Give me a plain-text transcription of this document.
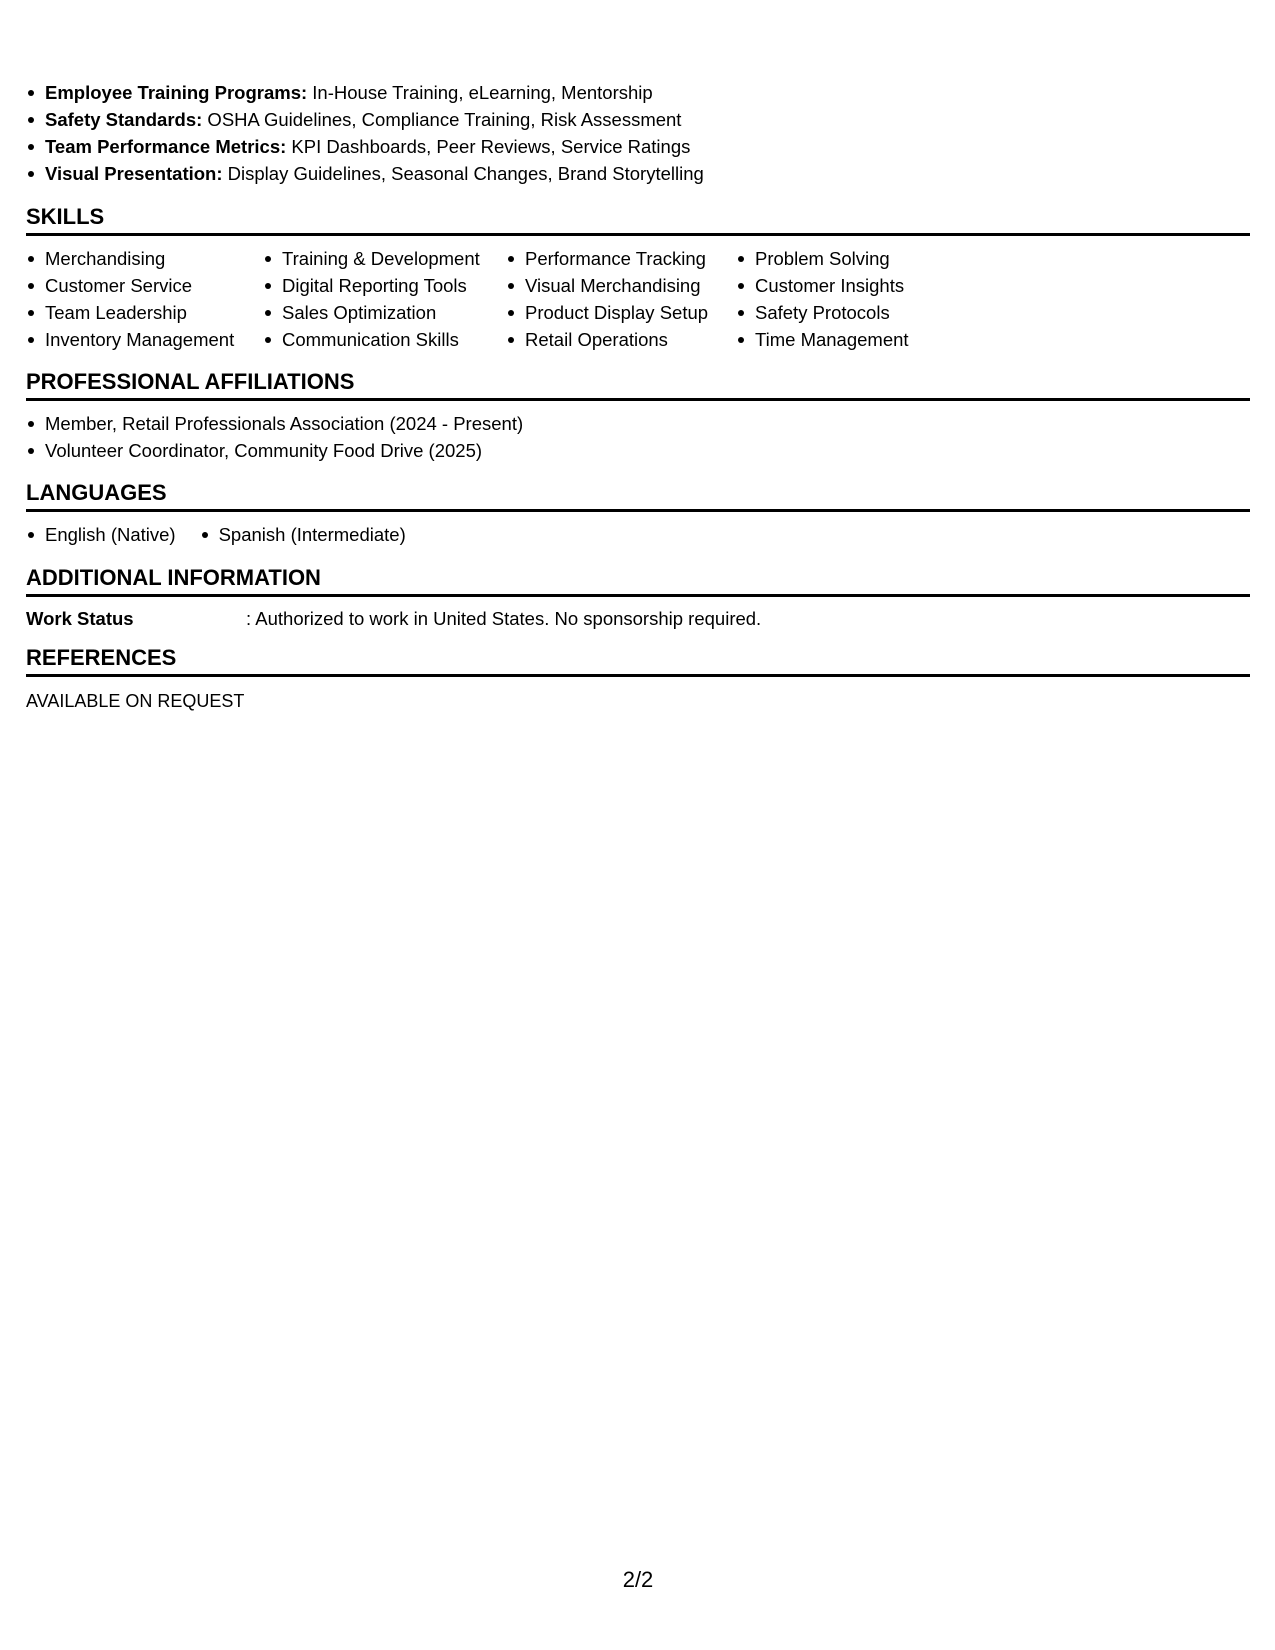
Employee Training Programs: In-House Training, eLearning, Mentorship
Safety Standards: OSHA Guidelines, Compliance Training, Risk Assessment
Team Performance Metrics: KPI Dashboards, Peer Reviews, Service Ratings
Visual Presentation: Display Guidelines, Seasonal Changes, Brand Storytelling
SKILLS
Merchandising
Customer Service
Team Leadership
Inventory Management
Training & Development
Digital Reporting Tools
Sales Optimization
Communication Skills
Performance Tracking
Visual Merchandising
Product Display Setup
Retail Operations
Problem Solving
Customer Insights
Safety Protocols
Time Management
PROFESSIONAL AFFILIATIONS
Member, Retail Professionals Association (2024 - Present)
Volunteer Coordinator, Community Food Drive (2025)
LANGUAGES
English (Native)	Spanish (Intermediate)
ADDITIONAL INFORMATION
Work Status	: Authorized to work in United States. No sponsorship required.
REFERENCES
AVAILABLE ON REQUEST
2/2
